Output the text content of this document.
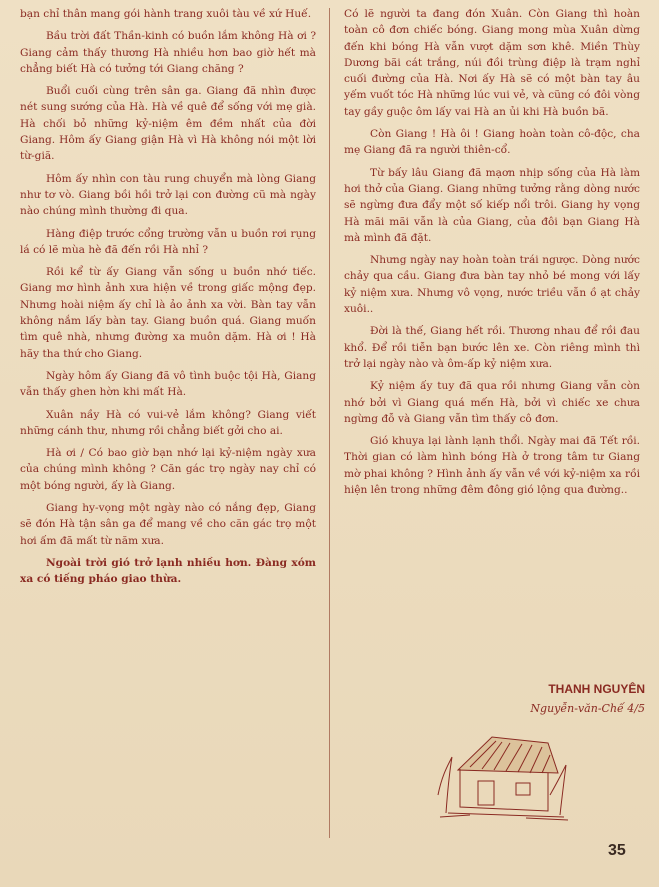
bạn chỉ thân mang gói hành trang xuôi tàu về xứ Huế.

Bầu trời đất Thần-kinh có buồn lắm không Hà ơi ? Giang cảm thấy thương Hà nhiều hơn bao giờ hết mà chẳng biết Hà có tưởng tới Giang chăng ?

Buổi cuối cùng trên sân ga. Giang đã nhìn được nét sung sướng của Hà. Hà về quê để sống với mẹ già. Hà chối bỏ những kỷ-niệm êm đềm nhất của đời Giang. Hôm ấy Giang giận Hà vì Hà không nói một lời từ-giã.

Hôm ấy nhìn con tàu rung chuyển mà lòng Giang như tơ vò. Giang bồi hồi trở lại con đường cũ mà ngày nào chúng mình thường đi qua.

Hàng điệp trước cổng trường vẫn u buồn rơi rụng lá có lẽ mùa hè đã đến rồi Hà nhỉ ?

Rồi kể từ ấy Giang vẫn sống u buồn nhớ tiếc. Giang mơ hình ảnh xưa hiện về trong giấc mộng đẹp. Nhưng hoài niệm ấy chỉ là ảo ảnh xa vời. Bàn tay vẫn không nắm lấy bàn tay. Giang buồn quá. Giang muốn tìm quê nhà, nhưng đường xa muôn dặm. Hà ơi ! Hà hãy tha thứ cho Giang.

Ngày hôm ấy Giang đã vô tình buộc tội Hà, Giang vẫn thấy ghen hờn khi mất Hà.

Xuân nầy Hà có vui-vẻ lắm không? Giang viết những cánh thư, nhưng rồi chẳng biết gởi cho ai.

Hà ơi / Có bao giờ bạn nhớ lại kỷ-niệm ngày xưa của chúng mình không ? Căn gác trọ ngày nay chỉ có một bóng người, ấy là Giang.

Giang hy-vọng một ngày nào có nắng đẹp, Giang sẽ đón Hà tận sân ga để mang về cho căn gác trọ một hơi ấm đã mất từ năm xưa.

Ngoài trời gió trở lạnh nhiều hơn. Đàng xóm xa có tiếng pháo giao thừa.

Có lẽ người ta đang đón Xuân. Còn Giang thì hoàn toàn cô đơn chiếc bóng. Giang mong mùa Xuân dừng đến khi bóng Hà vẫn vượt dặm sơn khê. Miền Thùy Dương bãi cát trắng, núi đồi trùng điệp là trạm nghỉ cuối đường của Hà. Nơi ấy Hà sẽ có một bàn tay âu yếm vuốt tóc Hà những lúc vui vẻ, và cũng có đôi vòng tay gầy guộc ôm lấy vai Hà an ủi khi Hà buồn bã.

Còn Giang ! Hà ôi ! Giang hoàn toàn cô-độc, cha mẹ Giang đã ra người thiên-cổ.

Từ bấy lâu Giang đã mạơn nhịp sống của Hà làm hơi thở của Giang. Giang những tưởng rằng dòng nước sẽ ngừng đưa đẩy một số kiếp nổi trôi. Giang hy vọng Hà mãi mãi vẫn là của Giang, của đôi bạn Giang Hà mà mình đã đặt.

Nhưng ngày nay hoàn toàn trái ngược. Dòng nước chảy qua cầu. Giang đưa bàn tay nhỏ bé mong với lấy kỷ niệm xưa. Nhưng vô vọng, nước triều vẫn ồ ạt chảy xuôi..

Đời là thế, Giang hết rồi. Thương nhau để rồi đau khổ. Để rồi tiễn bạn bước lên xe. Còn riêng mình thì trở lại ngày nào và ôm-ấp kỷ niệm xưa.

Kỷ niệm ấy tuy đã qua rồi nhưng Giang vẫn còn nhớ bởi vì Giang quá mến Hà, bởi vì chiếc xe chưa ngừng đỗ và Giang vẫn tìm thấy cô đơn.

Gió khuya lại lành lạnh thổi. Ngày mai đã Tết rồi. Thời gian có làm hình bóng Hà ở trong tâm tư Giang mờ phai không ? Hình ảnh ấy vẫn về với kỷ-niệm xa rồi hiện lên trong những đêm đông gió lộng qua đường..

THANH NGUYÊN
Nguyễn-văn-Chế 4/5
35
